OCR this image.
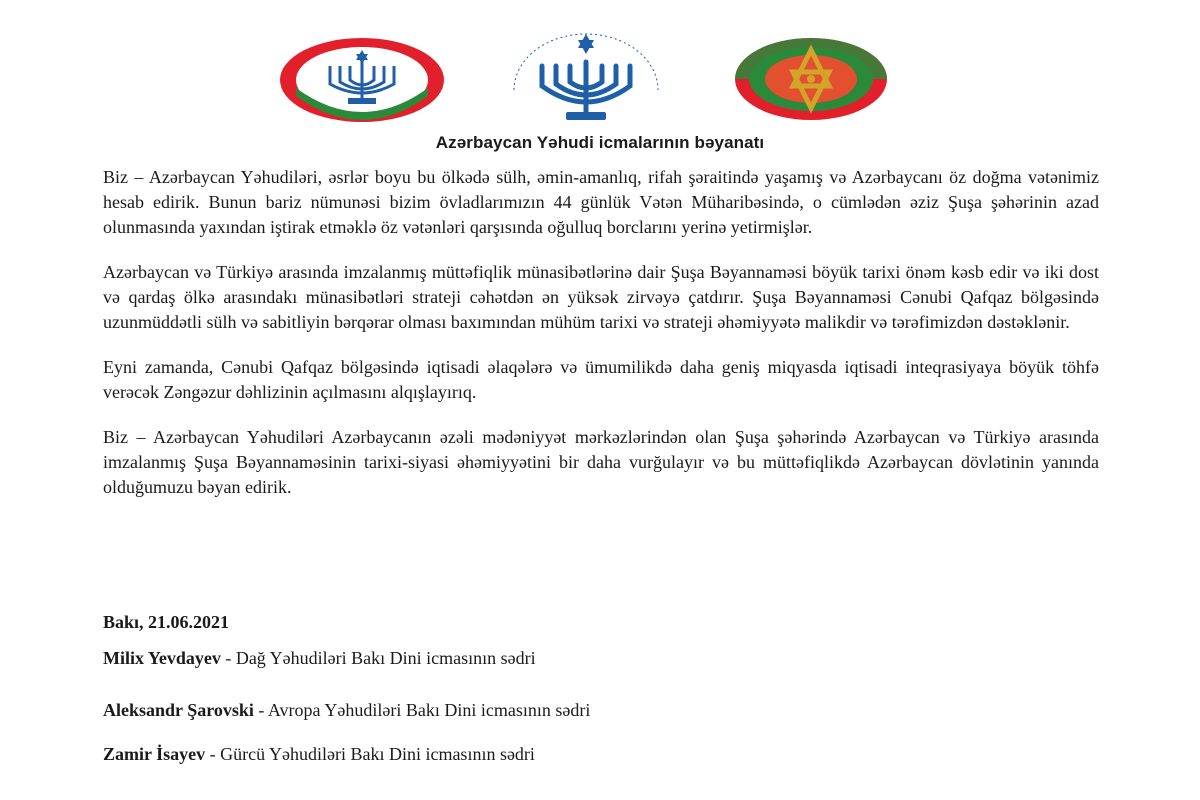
Azərbaycan Yəhudi icmalarının bəyanatı

Biz – Azərbaycan Yəhudiləri, əsrlər boyu bu ölkədə sülh, əmin-amanlıq, rifah şəraitində yaşamış və Azərbaycanı öz doğma vətənimiz hesab edirik. Bunun bariz nümunəsi bizim övladlarımızın 44 günlük Vətən Müharibəsində, o cümlədən əziz Şuşa şəhərinin azad olunmasında yaxından iştirak etməklə öz vətənləri qarşısında oğulluq borclarını yerinə yetirmişlər.

Azərbaycan və Türkiyə arasında imzalanmış müttəfiqlik münasibətlərinə dair Şuşa Bəyannaməsi böyük tarixi önəm kəsb edir və iki dost və qardaş ölkə arasındakı münasibətləri strateji cəhətdən ən yüksək zirvəyə çatdırır. Şuşa Bəyannaməsi Cənubi Qafqaz bölgəsində uzunmüddətli sülh və sabitliyin bərqərar olması baxımından mühüm tarixi və strateji əhəmiyyətə malikdir və tərəfimizdən dəstəklənir.

Eyni zamanda, Cənubi Qafqaz bölgəsində iqtisadi əlaqələrə və ümumilikdə daha geniş miqyasda iqtisadi inteqrasiyaya böyük töhfə verəcək Zəngəzur dəhlizinin açılmasını alqışlayırıq.

Biz – Azərbaycan Yəhudiləri Azərbaycanın əzəli mədəniyyət mərkəzlərindən olan Şuşa şəhərində Azərbaycan və Türkiyə arasında imzalanmış Şuşa Bəyannaməsinin tarixi-siyasi əhəmiyyətini bir daha vurğulayır və bu müttəfiqlikdə Azərbaycan dövlətinin yanında olduğumuzu bəyan edirik.

Bakı, 21.06.2021
Milix Yevdayev - Dağ Yəhudiləri Bakı Dini icmasının sədri
Aleksandr Şarovski - Avropa Yəhudiləri Bakı Dini icmasının sədri
Zamir İsayev - Gürcü Yəhudiləri Bakı Dini icmasının sədri
